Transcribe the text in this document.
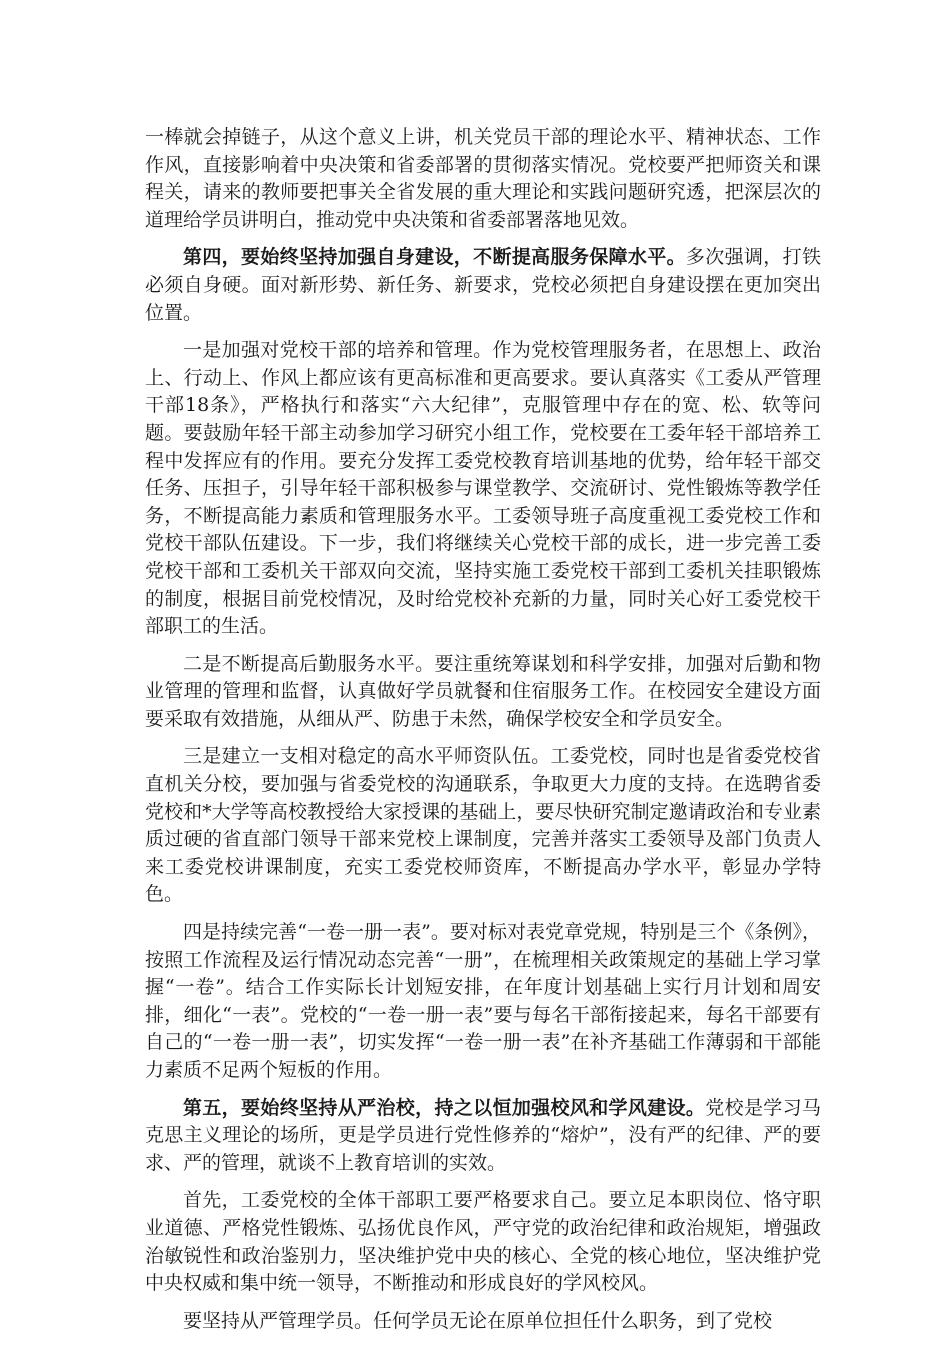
一棒就会掉链子，从这个意义上讲，机关党员干部的理论水平、精神状态、工作作风，直接影响着中央决策和省委部署的贯彻落实情况。党校要严把师资关和课程关，请来的教师要把事关全省发展的重大理论和实践问题研究透，把深层次的道理给学员讲明白，推动党中央决策和省委部署落地见效。

第四，要始终坚持加强自身建设，不断提高服务保障水平。多次强调，打铁必须自身硬。面对新形势、新任务、新要求，党校必须把自身建设摆在更加突出位置。

一是加强对党校干部的培养和管理。作为党校管理服务者，在思想上、政治上、行动上、作风上都应该有更高标准和更高要求。要认真落实《工委从严管理干部18条》，严格执行和落实“六大纪律”，克服管理中存在的宽、松、软等问题。要鼓励年轻干部主动参加学习研究小组工作，党校要在工委年轻干部培养工程中发挥应有的作用。要充分发挥工委党校教育培训基地的优势，给年轻干部交任务、压担子，引导年轻干部积极参与课堂教学、交流研讨、党性锻炼等教学任务，不断提高能力素质和管理服务水平。工委领导班子高度重视工委党校工作和党校干部队伍建设。下一步，我们将继续关心党校干部的成长，进一步完善工委党校干部和工委机关干部双向交流，坚持实施工委党校干部到工委机关挂职锻炼的制度，根据目前党校情况，及时给党校补充新的力量，同时关心好工委党校干部职工的生活。

二是不断提高后勤服务水平。要注重统筹谋划和科学安排，加强对后勤和物业管理的管理和监督，认真做好学员就餐和住宿服务工作。在校园安全建设方面要采取有效措施，从细从严、防患于未然，确保学校安全和学员安全。

三是建立一支相对稳定的高水平师资队伍。工委党校，同时也是省委党校省直机关分校，要加强与省委党校的沟通联系，争取更大力度的支持。在选聘省委党校和*大学等高校教授给大家授课的基础上，要尽快研究制定邀请政治和专业素质过硬的省直部门领导干部来党校上课制度，完善并落实工委领导及部门负责人来工委党校讲课制度，充实工委党校师资库，不断提高办学水平，彰显办学特色。

四是持续完善“一卷一册一表”。要对标对表党章党规，特别是三个《条例》，按照工作流程及运行情况动态完善“一册”，在梳理相关政策规定的基础上学习掌握“一卷”。结合工作实际长计划短安排，在年度计划基础上实行月计划和周安排，细化“一表”。党校的“一卷一册一表”要与每名干部衔接起来，每名干部要有自己的“一卷一册一表”，切实发挥“一卷一册一表”在补齐基础工作薄弱和干部能力素质不足两个短板的作用。

第五，要始终坚持从严治校，持之以恒加强校风和学风建设。党校是学习马克思主义理论的场所，更是学员进行党性修养的“熔炉”，没有严的纪律、严的要求、严的管理，就谈不上教育培训的实效。

首先，工委党校的全体干部职工要严格要求自己。要立足本职岗位、恪守职业道德、严格党性锻炼、弘扬优良作风，严守党的政治纪律和政治规矩，增强政治敏锐性和政治鉴别力，坚决维护党中央的核心、全党的核心地位，坚决维护党中央权威和集中统一领导，不断推动和形成良好的学风校风。

要坚持从严管理学员。任何学员无论在原单位担任什么职务，到了党校
